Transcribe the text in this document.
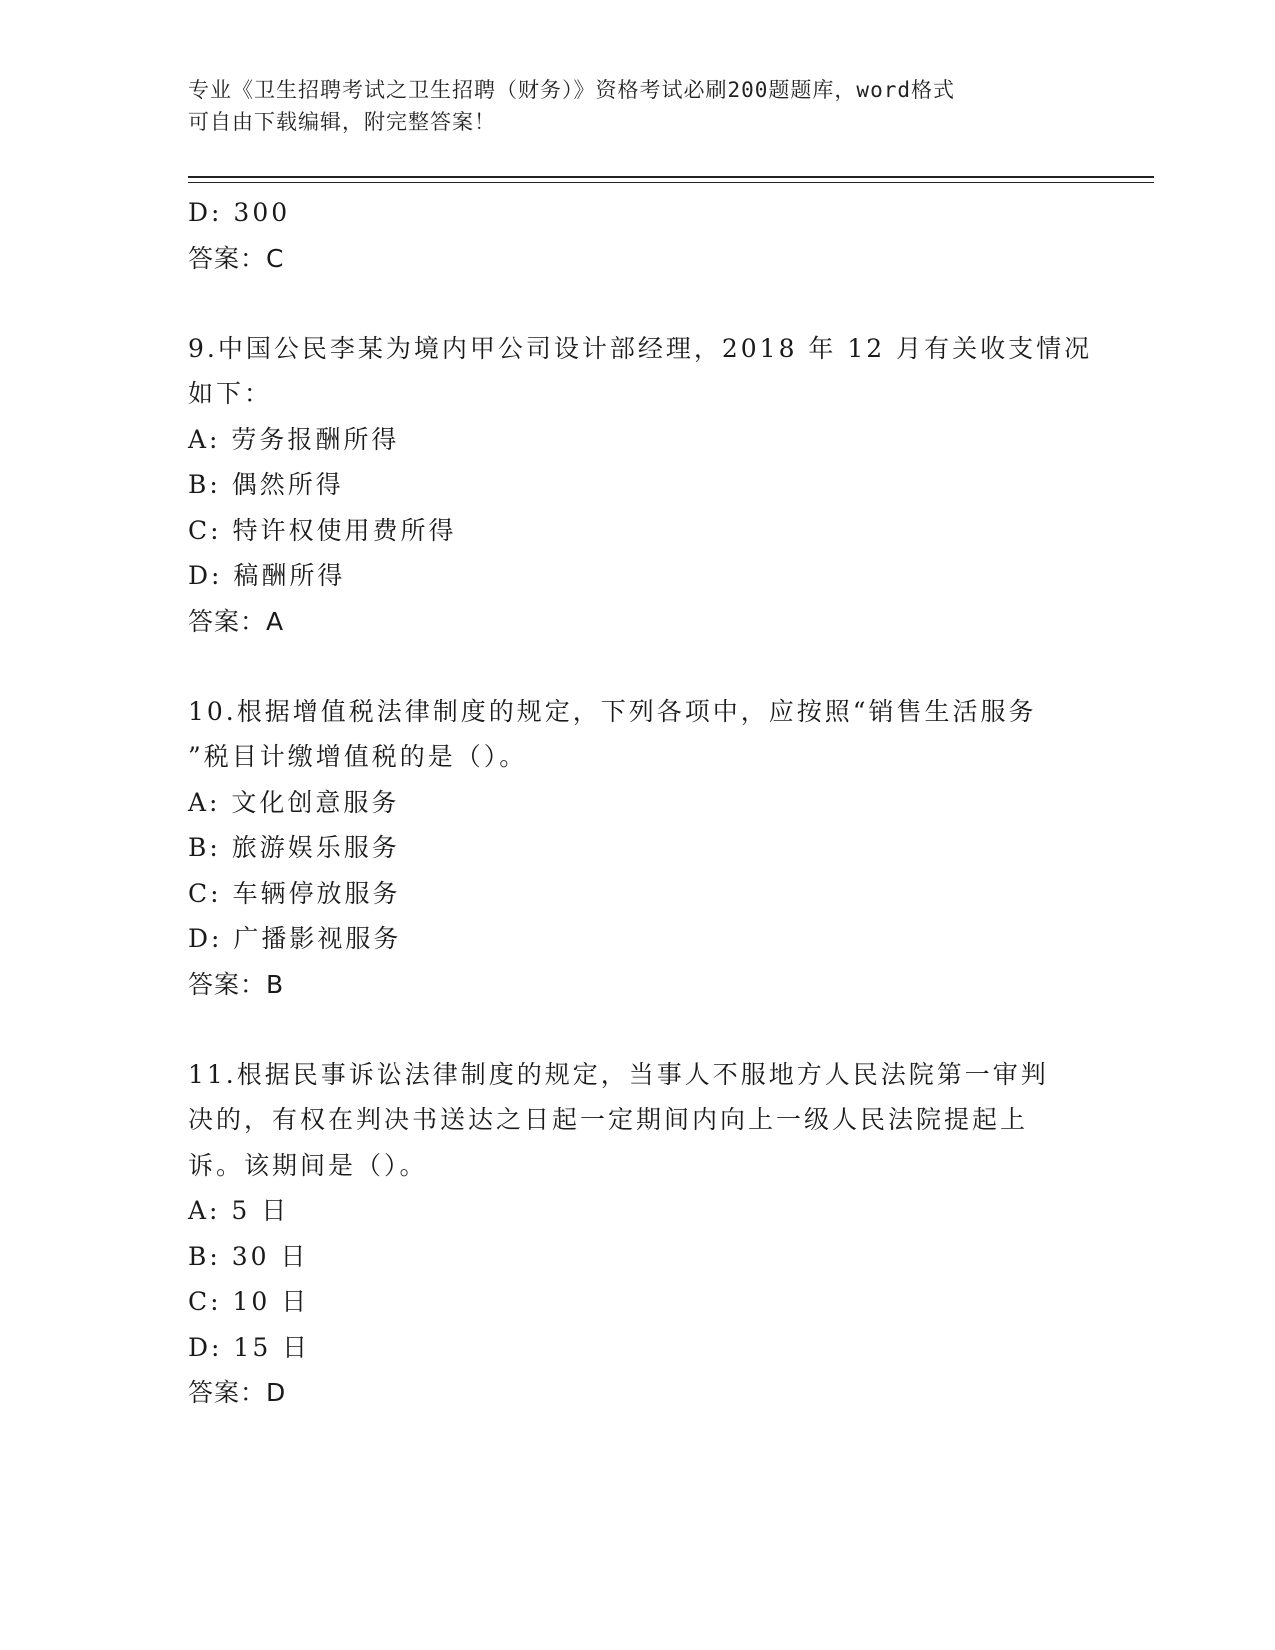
专业《卫生招聘考试之卫生招聘（财务）》资格考试必刷200题题库，word格式
可自由下载编辑，附完整答案！
D: 300
答案：C
9.中国公民李某为境内甲公司设计部经理，2018 年 12 月有关收支情况
如下：
A: 劳务报酬所得
B: 偶然所得
C: 特许权使用费所得
D: 稿酬所得
答案：A
10.根据增值税法律制度的规定，下列各项中，应按照“销售生活服务
”税目计缴增值税的是（）。
A: 文化创意服务
B: 旅游娱乐服务
C: 车辆停放服务
D: 广播影视服务
答案：B
11.根据民事诉讼法律制度的规定，当事人不服地方人民法院第一审判
决的，有权在判决书送达之日起一定期间内向上一级人民法院提起上
诉。该期间是（）。
A: 5 日
B: 30 日
C: 10 日
D: 15 日
答案：D
